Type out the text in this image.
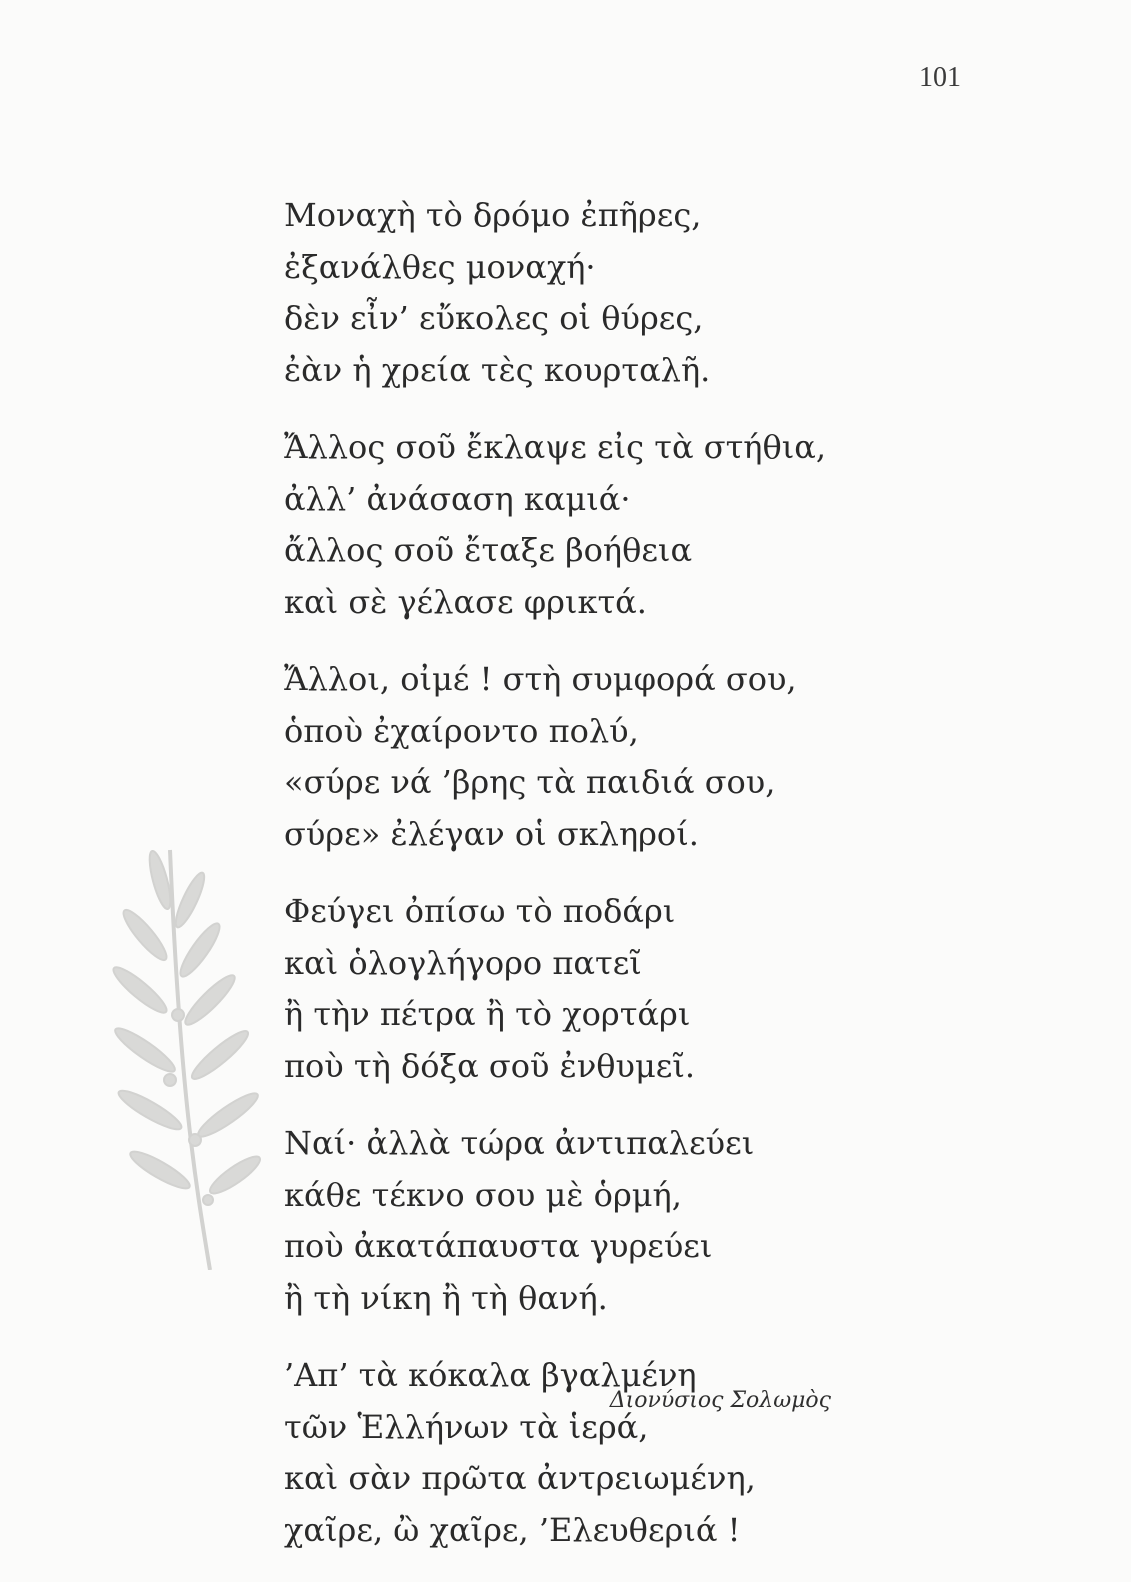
101
Μοναχὴ τὸ δρόμο ἐπῆρες,
ἐξανάλθες μοναχή·
δὲν εἶν’ εὔκολες οἱ θύρες,
ἐὰν ἡ χρεία τὲς κουρταλῆ.
Ἄλλος σοῦ ἔκλαψε εἰς τὰ στήθια,
ἀλλ’ ἀνάσαση καμιά·
ἄλλος σοῦ ἔταξε βοήθεια
καὶ σὲ γέλασε φρικτά.
Ἄλλοι, οἰμέ ! στὴ συμφορά σου,
ὁποὺ ἐχαίροντο πολύ,
«σύρε νά ’βρης τὰ παιδιά σου,
σύρε» ἐλέγαν οἱ σκληροί.
Φεύγει ὀπίσω τὸ ποδάρι
καὶ ὁλογλήγορο πατεῖ
ἢ τὴν πέτρα ἢ τὸ χορτάρι
ποὺ τὴ δόξα σοῦ ἐνθυμεῖ.
Ναί· ἀλλὰ τώρα ἀντιπαλεύει
κάθε τέκνο σου μὲ ὁρμή,
ποὺ ἀκατάπαυστα γυρεύει
ἢ τὴ νίκη ἢ τὴ θανή.
’Απ’ τὰ κόκαλα βγαλμένη
τῶν Ἑλλήνων τὰ ἱερά,
καὶ σὰν πρῶτα ἀντρειωμένη,
χαῖρε, ὢ χαῖρε, ’Ελευθεριά !
Διονύσιος Σολωμὸς
